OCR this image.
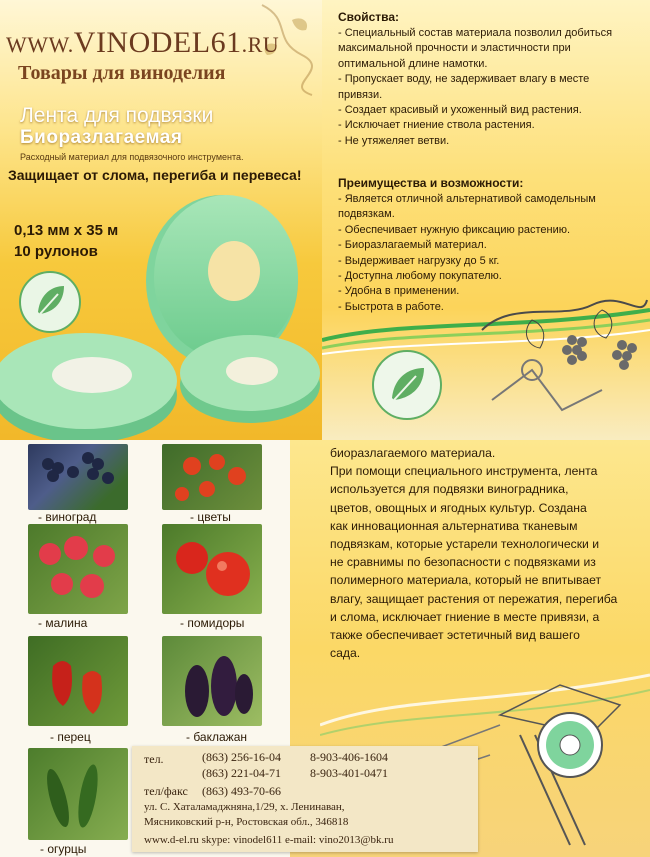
WWW.VINODEL61.RU
Товары для виноделия
Лента для подвязки
Биоразлагаемая
Расходный материал для подвязочного инструмента.
Защищает от слома, перегиба и перевеса!
0,13 мм х 35 м
10 рулонов
Свойства:
- Специальный состав материала позволил добиться
максимальной прочности и эластичности при
оптимальной длине намотки.
- Пропускает воду, не задерживает влагу в месте
привязи.
- Создает красивый и ухоженный вид растения.
- Исключает гниение ствола растения.
- Не утяжеляет ветви.
Преимущества и возможности:
- Является отличной альтернативой самодельным
подвязкам.
- Обеспечивает нужную фиксацию растению.
- Биоразлагаемый материал.
- Выдерживает нагрузку до 5 кг.
- Доступна любому покупателю.
- Удобна в применении.
- Быстрота в работе.
- виноград	- цветы
- малина	- помидоры
- перец	- баклажан
- огурцы
биоразлагаемого материала.
При помощи специального инструмента, лента
используется для подвязки виноградника,
цветов, овощных и ягодных культур. Создана
как инновационная альтернатива тканевым
подвязкам, которые устарели технологически и
не сравнимы по безопасности с подвязками из
полимерного материала, который не впитывает
влагу, защищает растения от пережатия, перегиба
и слома, исключает гниение в месте привязи, а
также обеспечивает эстетичный вид вашего
сада.
тел.	(863) 256-16-04 8-903-406-1604
(863) 221-04-71 8-903-401-0471
тел/факс (863) 493-70-66
ул. С. Хаталамаджняна,1/29, х. Ленинаван,
Мясниковский р-н, Ростовская обл., 346818
www.d-el.ru skype: vinodel611 e-mail: vino2013@bk.ru
